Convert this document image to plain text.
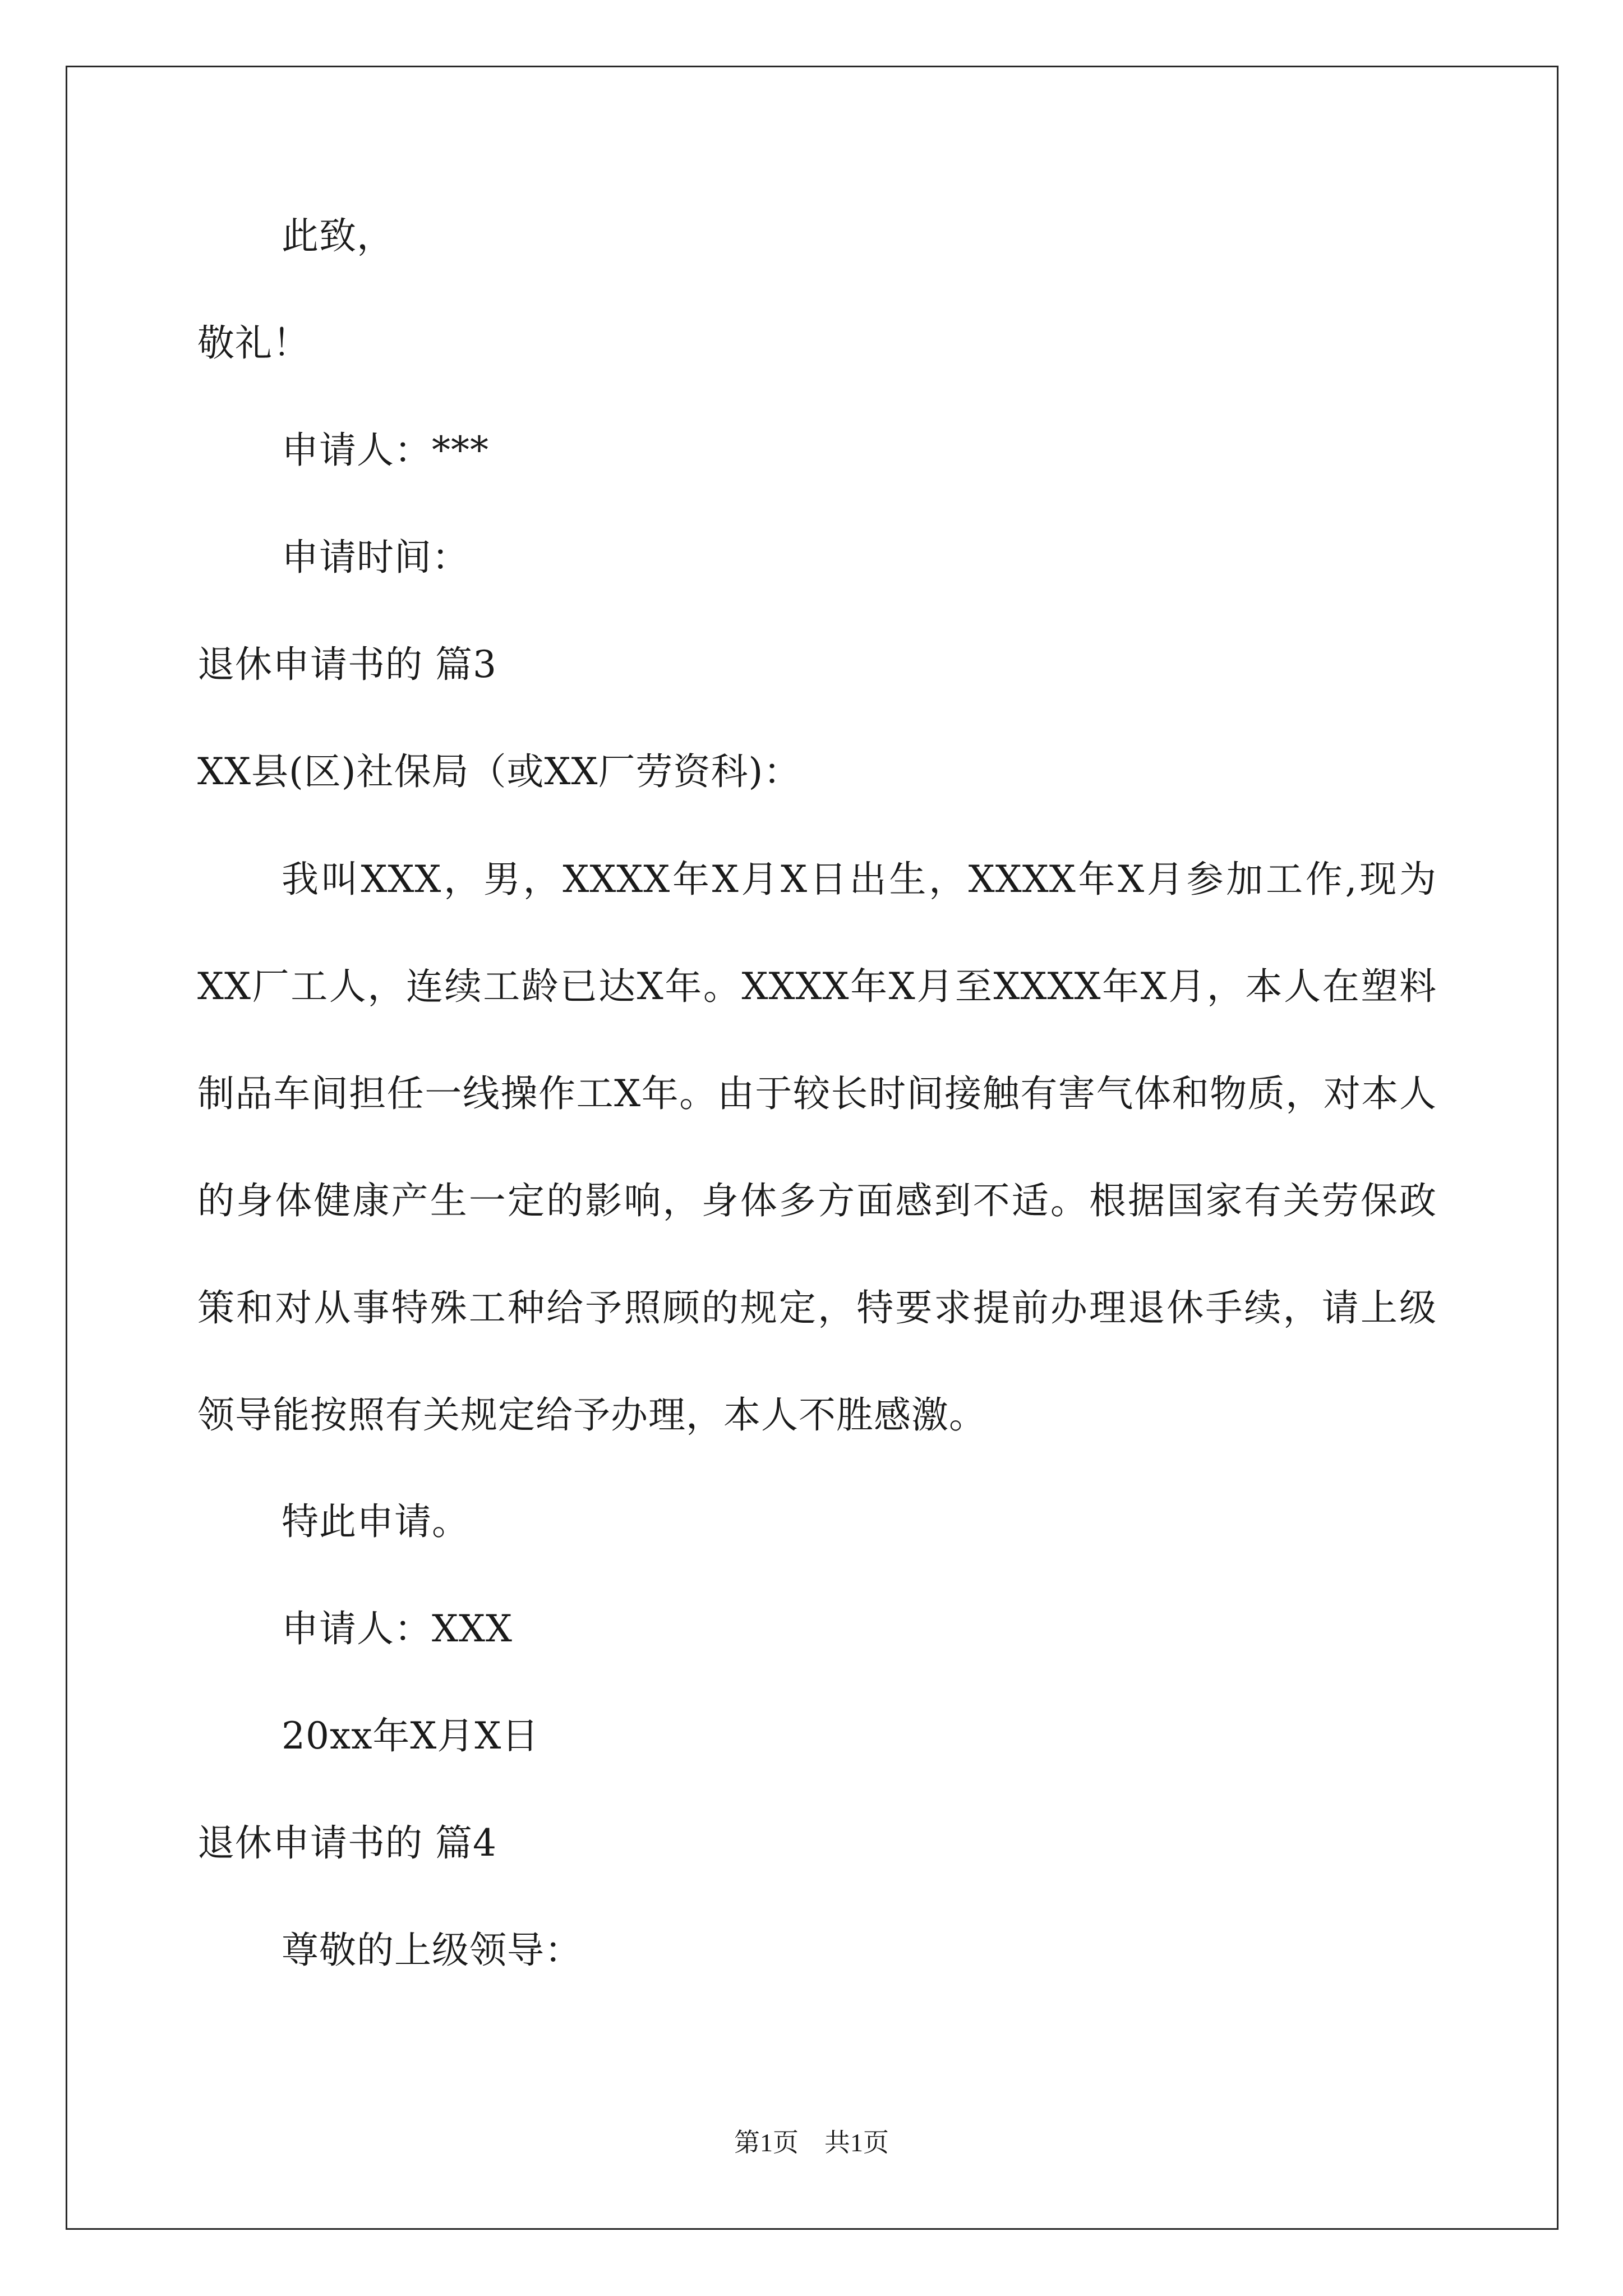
此致，
敬礼！
申请人：***
申请时间：
退休申请书的 篇3
XX县(区)社保局（或XX厂劳资科)：

我叫XXX，男，XXXX年X月X日出生，XXXX年X月参加工作,现为XX厂工人，连续工龄已达X年。XXXX年X月至XXXX年X月，本人在塑料制品车间担任一线操作工X年。由于较长时间接触有害气体和物质，对本人的身体健康产生一定的影响，身体多方面感到不适。根据国家有关劳保政策和对从事特殊工种给予照顾的规定，特要求提前办理退休手续，请上级领导能按照有关规定给予办理，本人不胜感激。

特此申请。
申请人：XXX
20xx年X月X日
退休申请书的 篇4
尊敬的上级领导：
第1页　共1页
